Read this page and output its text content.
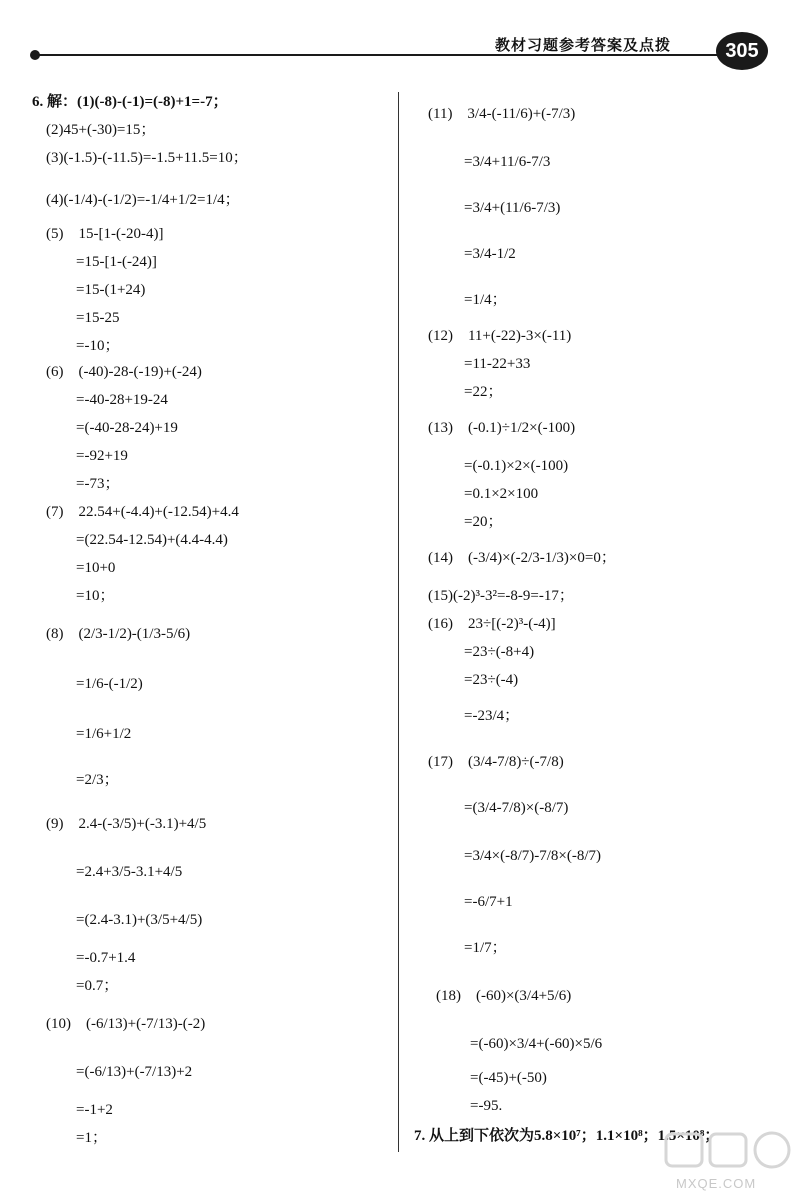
教材习题参考答案及点拨	305
6. 解：(1)(-8)-(-1)=(-8)+1=-7；
(2)45+(-30)=15；
(3)(-1.5)-(-11.5)=-1.5+11.5=10；
(4)(-1/4)-(-1/2)=-1/4+1/2=1/4；
(5)　15-[1-(-20-4)]
=15-[1-(-24)]
=15-(1+24)
=15-25
=-10；
(6)　(-40)-28-(-19)+(-24)
=-40-28+19-24
=(-40-28-24)+19
=-92+19
=-73；
(7)　22.54+(-4.4)+(-12.54)+4.4
=(22.54-12.54)+(4.4-4.4)
=10+0
=10；
(8)　(2/3-1/2)-(1/3-5/6)
=1/6-(-1/2)
=1/6+1/2
=2/3；
(9)　2.4-(-3/5)+(-3.1)+4/5
=2.4+3/5-3.1+4/5
=(2.4-3.1)+(3/5+4/5)
=-0.7+1.4
=0.7；
(10)　(-6/13)+(-7/13)-(-2)
=(-6/13)+(-7/13)+2
=-1+2
=1；
(11)　3/4-(-11/6)+(-7/3)
=3/4+11/6-7/3
=3/4+(11/6-7/3)
=3/4-1/2
=1/4；
(12)　11+(-22)-3×(-11)
=11-22+33
=22；
(13)　(-0.1)÷1/2×(-100)
=(-0.1)×2×(-100)
=0.1×2×100
=20；
(14)　(-3/4)×(-2/3-1/3)×0=0；
(15)(-2)³-3²=-8-9=-17；
(16)　23÷[(-2)³-(-4)]
=23÷(-8+4)
=23÷(-4)
=-23/4；
(17)　(3/4-7/8)÷(-7/8)
=(3/4-7/8)×(-8/7)
=3/4×(-8/7)-7/8×(-8/7)
=-6/7+1
=1/7；
(18)　(-60)×(3/4+5/6)
=(-60)×3/4+(-60)×5/6
=(-45)+(-50)
=-95.
7. 从上到下依次为5.8×10⁷；1.1×10⁸；1.5×10⁸；
MXQE.COM
